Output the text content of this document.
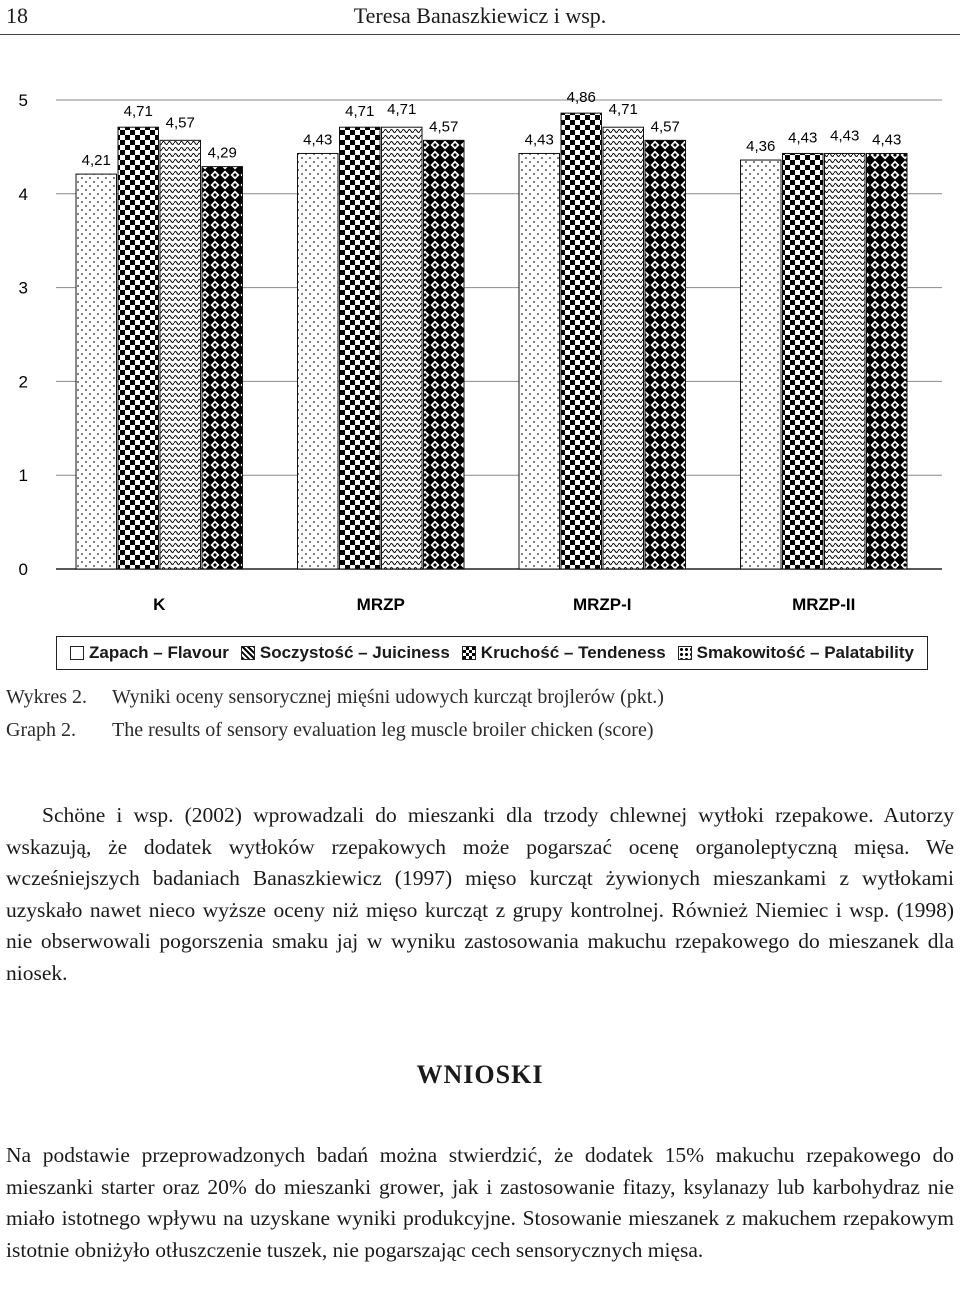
18	Teresa Banaszkiewicz i wsp.
0
1
2
3
4
5
4,21
4,71
4,57
4,29
4,43
4,71 4,71
4,57
4,43
4,86
4,71
4,57
4,36
4,43 4,43 4,43
K	MRZP	MRZP-I	MRZP-II
Zapach – Flavour Soczystość – Juiciness Kruchość – Tendeness Smakowitość – Palatability
Wykres 2. Wyniki oceny sensorycznej mięśni udowych kurcząt brojlerów (pkt.)
Graph 2. The results of sensory evaluation leg muscle broiler chicken (score)
Schöne i wsp. (2002) wprowadzali do mieszanki dla trzody chlewnej wytłoki rzepakowe. Autorzy wskazują, że dodatek wytłoków rzepakowych może pogarszać ocenę organoleptyczną mięsa. We wcześniejszych badaniach Banaszkiewicz (1997) mięso kurcząt żywionych mieszankami z wytłokami uzyskało nawet nieco wyższe oceny niż mięso kurcząt z grupy kontrolnej. Również Niemiec i wsp. (1998) nie obserwowali pogorszenia smaku jaj w wyniku zastosowania makuchu rzepakowego do mieszanek dla niosek.
WNIOSKI
Na podstawie przeprowadzonych badań można stwierdzić, że dodatek 15% makuchu rzepakowego do mieszanki starter oraz 20% do mieszanki grower, jak i zastosowanie fitazy, ksylanazy lub karbohydraz nie miało istotnego wpływu na uzyskane wyniki produkcyjne. Stosowanie mieszanek z makuchem rzepakowym istotnie obniżyło otłuszczenie tuszek, nie pogarszając cech sensorycznych mięsa.
